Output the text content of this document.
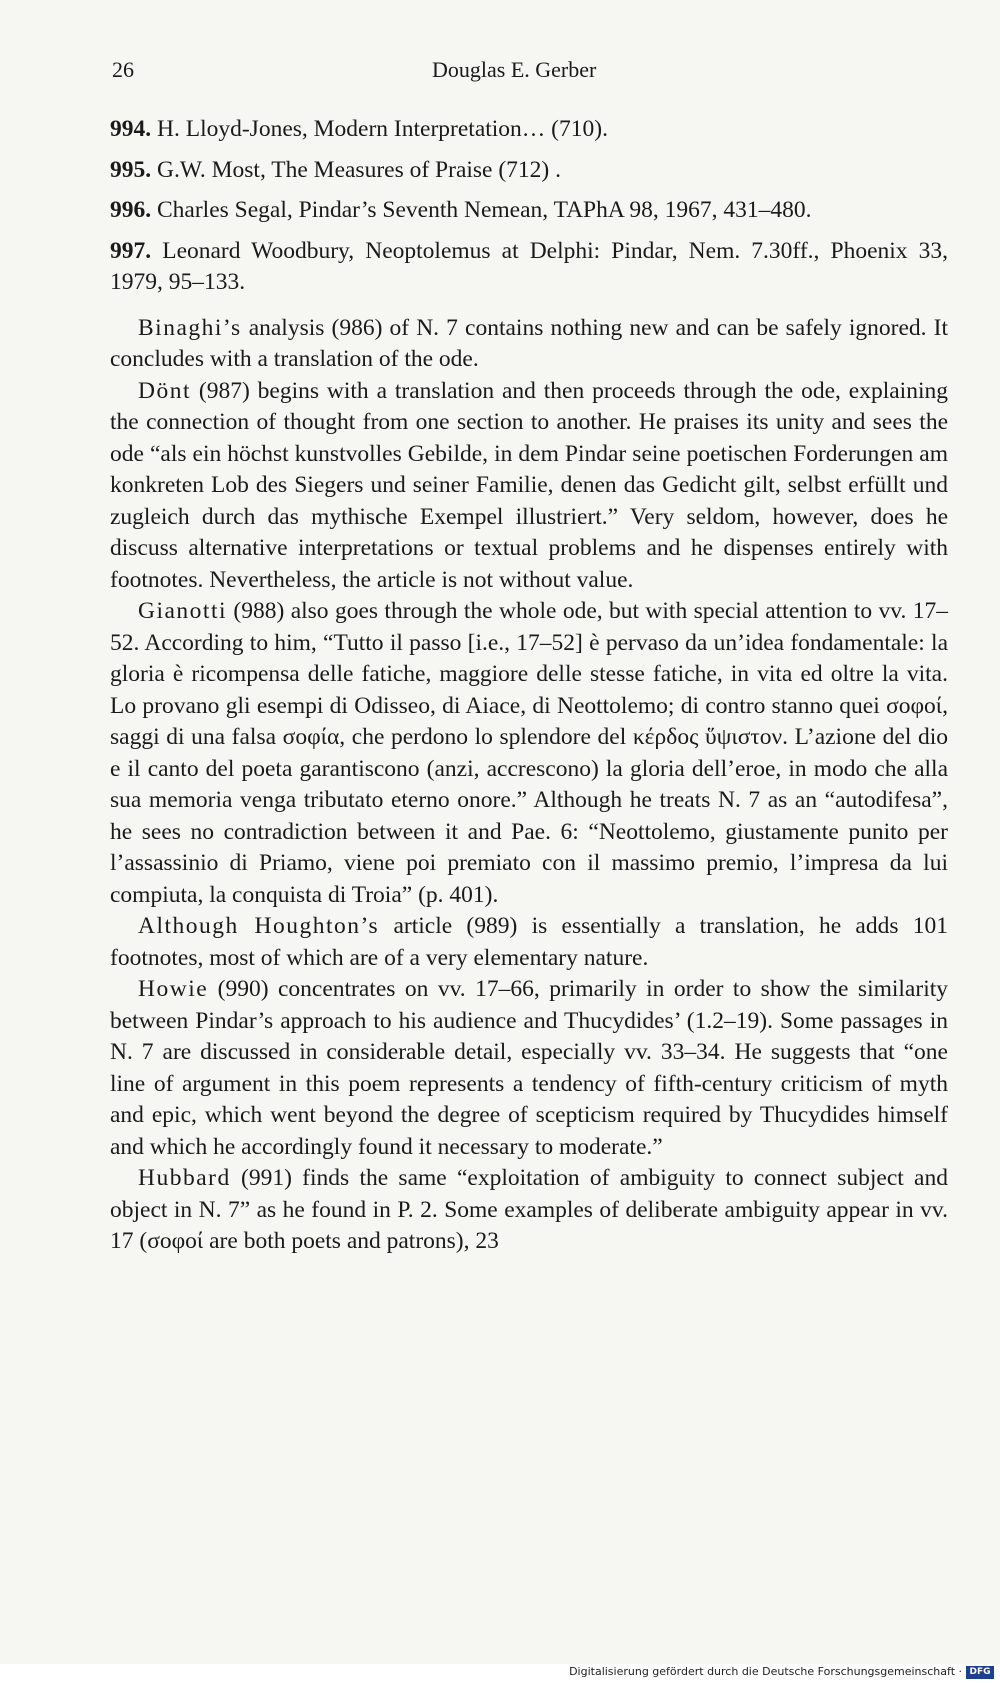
26	Douglas E. Gerber

994. H. Lloyd-Jones, Modern Interpretation… (710).

995. G.W. Most, The Measures of Praise (712) .

996. Charles Segal, Pindar’s Seventh Nemean, TAPhA 98, 1967, 431–480.

997. Leonard Woodbury, Neoptolemus at Delphi: Pindar, Nem. 7.30ff., Phoenix 33, 1979, 95–133.

Binaghi’s analysis (986) of N. 7 contains nothing new and can be safely ignored. It concludes with a translation of the ode.

Dönt (987) begins with a translation and then proceeds through the ode, explaining the connection of thought from one section to another. He praises its unity and sees the ode “als ein höchst kunstvolles Gebilde, in dem Pindar seine poetischen Forderungen am konkreten Lob des Siegers und seiner Familie, denen das Gedicht gilt, selbst erfüllt und zugleich durch das mythische Exempel illustriert.” Very seldom, however, does he discuss alternative interpretations or textual problems and he dispenses entirely with footnotes. Nevertheless, the article is not without value.

Gianotti (988) also goes through the whole ode, but with special attention to vv. 17–52. According to him, “Tutto il passo [i.e., 17–52] è pervaso da un’idea fondamentale: la gloria è ricompensa delle fatiche, maggiore delle stesse fatiche, in vita ed oltre la vita. Lo provano gli esempi di Odisseo, di Aiace, di Neottolemo; di contro stanno quei σοφοί, saggi di una falsa σοφία, che perdono lo splendore del κέρδος ὕψιστον. L’azione del dio e il canto del poeta garantiscono (anzi, accrescono) la gloria dell’eroe, in modo che alla sua memoria venga tributato eterno onore.” Although he treats N. 7 as an “autodifesa”, he sees no contradiction between it and Pae. 6: “Neottolemo, giustamente punito per l’assassinio di Priamo, viene poi premiato con il massimo premio, l’impresa da lui compiuta, la conquista di Troia” (p. 401).

Although Houghton’s article (989) is essentially a translation, he adds 101 footnotes, most of which are of a very elementary nature.

Howie (990) concentrates on vv. 17–66, primarily in order to show the similarity between Pindar’s approach to his audience and Thucydides’ (1.2–19). Some passages in N. 7 are discussed in considerable detail, especially vv. 33–34. He suggests that “one line of argument in this poem represents a tendency of fifth-century criticism of myth and epic, which went beyond the degree of scepticism required by Thucydides himself and which he accordingly found it necessary to moderate.”

Hubbard (991) finds the same “exploitation of ambiguity to connect subject and object in N. 7” as he found in P. 2. Some examples of deliberate ambiguity appear in vv. 17 (σοφοί are both poets and patrons), 23

Digitalisierung gefördert durch die Deutsche Forschungsgemeinschaft · DFG
